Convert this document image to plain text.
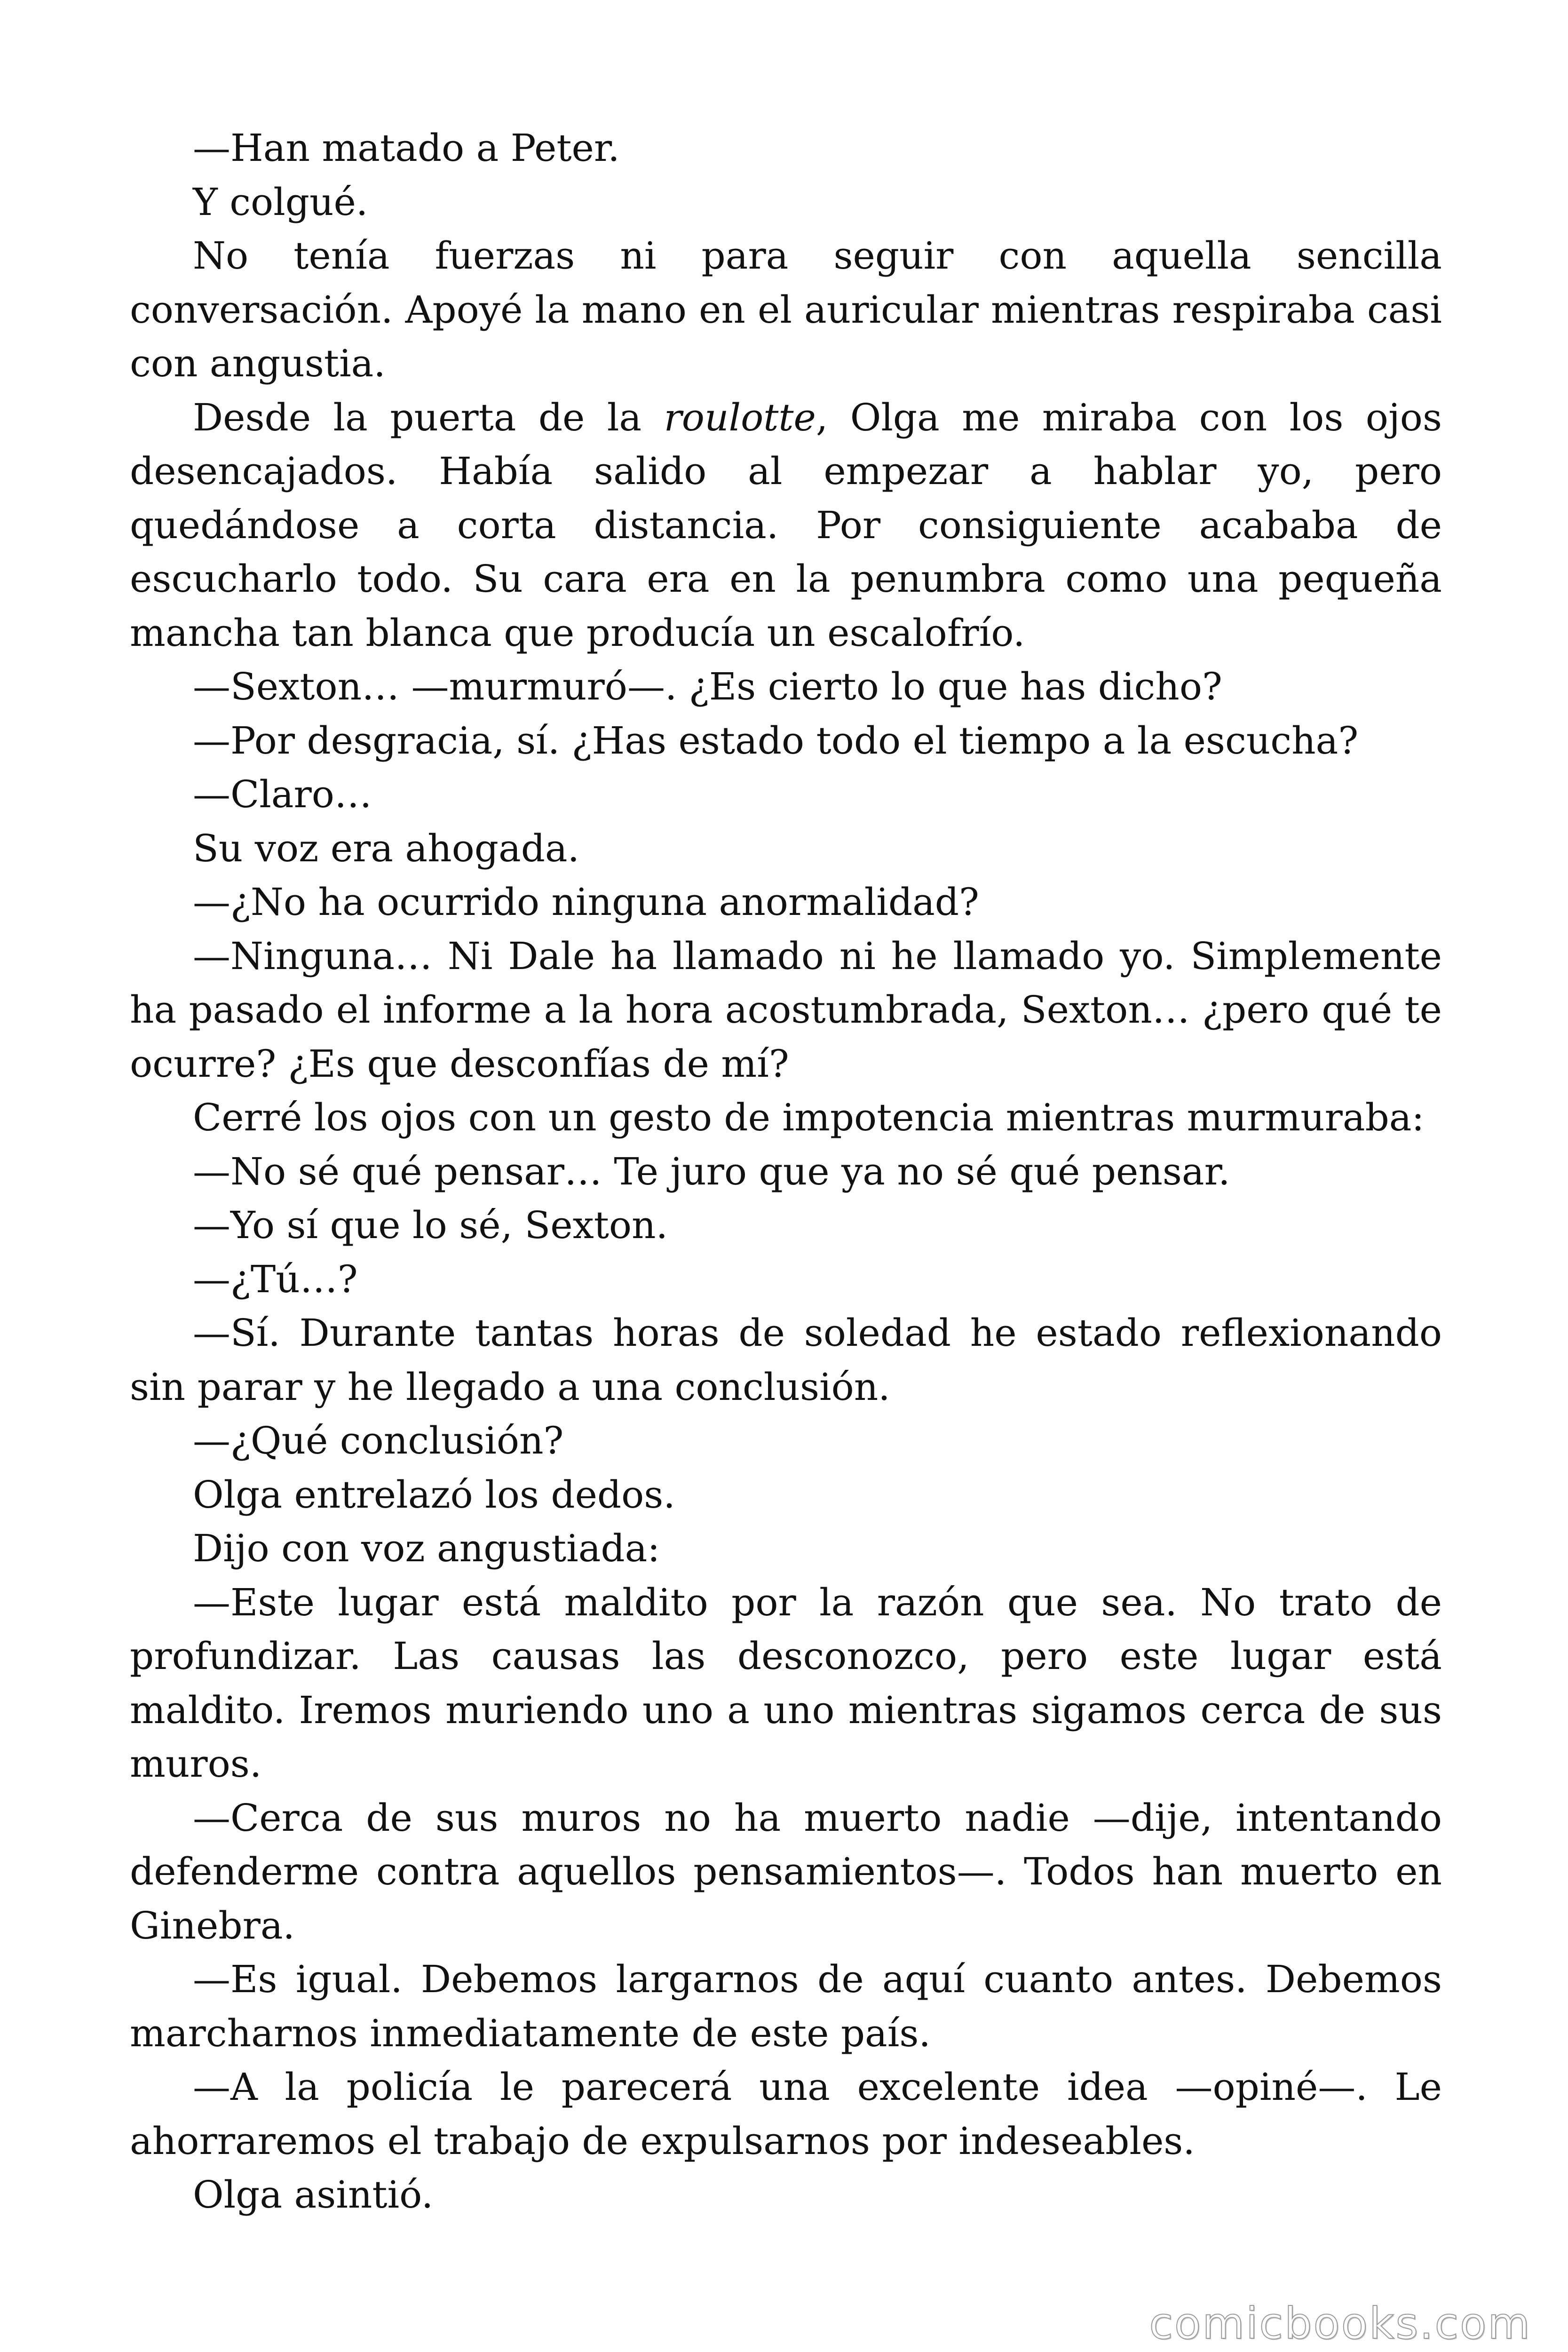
—Han matado a Peter.

Y colgué.

No tenía fuerzas ni para seguir con aquella sencilla conversación. Apoyé la mano en el auricular mientras respiraba casi con angustia.

Desde la puerta de la roulotte, Olga me miraba con los ojos desencajados. Había salido al empezar a hablar yo, pero quedándose a corta distancia. Por consiguiente acababa de escucharlo todo. Su cara era en la penumbra como una pequeña mancha tan blanca que producía un escalofrío.

—Sexton… —murmuró—. ¿Es cierto lo que has dicho?

—Por desgracia, sí. ¿Has estado todo el tiempo a la escucha?

—Claro…

Su voz era ahogada.

—¿No ha ocurrido ninguna anormalidad?

—Ninguna… Ni Dale ha llamado ni he llamado yo. Simplemente ha pasado el informe a la hora acostumbrada, Sexton… ¿pero qué te ocurre? ¿Es que desconfías de mí?

Cerré los ojos con un gesto de impotencia mientras murmuraba:

—No sé qué pensar… Te juro que ya no sé qué pensar.

—Yo sí que lo sé, Sexton.

—¿Tú…?

—Sí. Durante tantas horas de soledad he estado reflexionando sin parar y he llegado a una conclusión.

—¿Qué conclusión?

Olga entrelazó los dedos.

Dijo con voz angustiada:

—Este lugar está maldito por la razón que sea. No trato de profundizar. Las causas las desconozco, pero este lugar está maldito. Iremos muriendo uno a uno mientras sigamos cerca de sus muros.

—Cerca de sus muros no ha muerto nadie —dije, intentando defenderme contra aquellos pensamientos—. Todos han muerto en Ginebra.

—Es igual. Debemos largarnos de aquí cuanto antes. Debemos marcharnos inmediatamente de este país.

—A la policía le parecerá una excelente idea —opiné—. Le ahorraremos el trabajo de expulsarnos por indeseables.

Olga asintió.

comicbooks.com
